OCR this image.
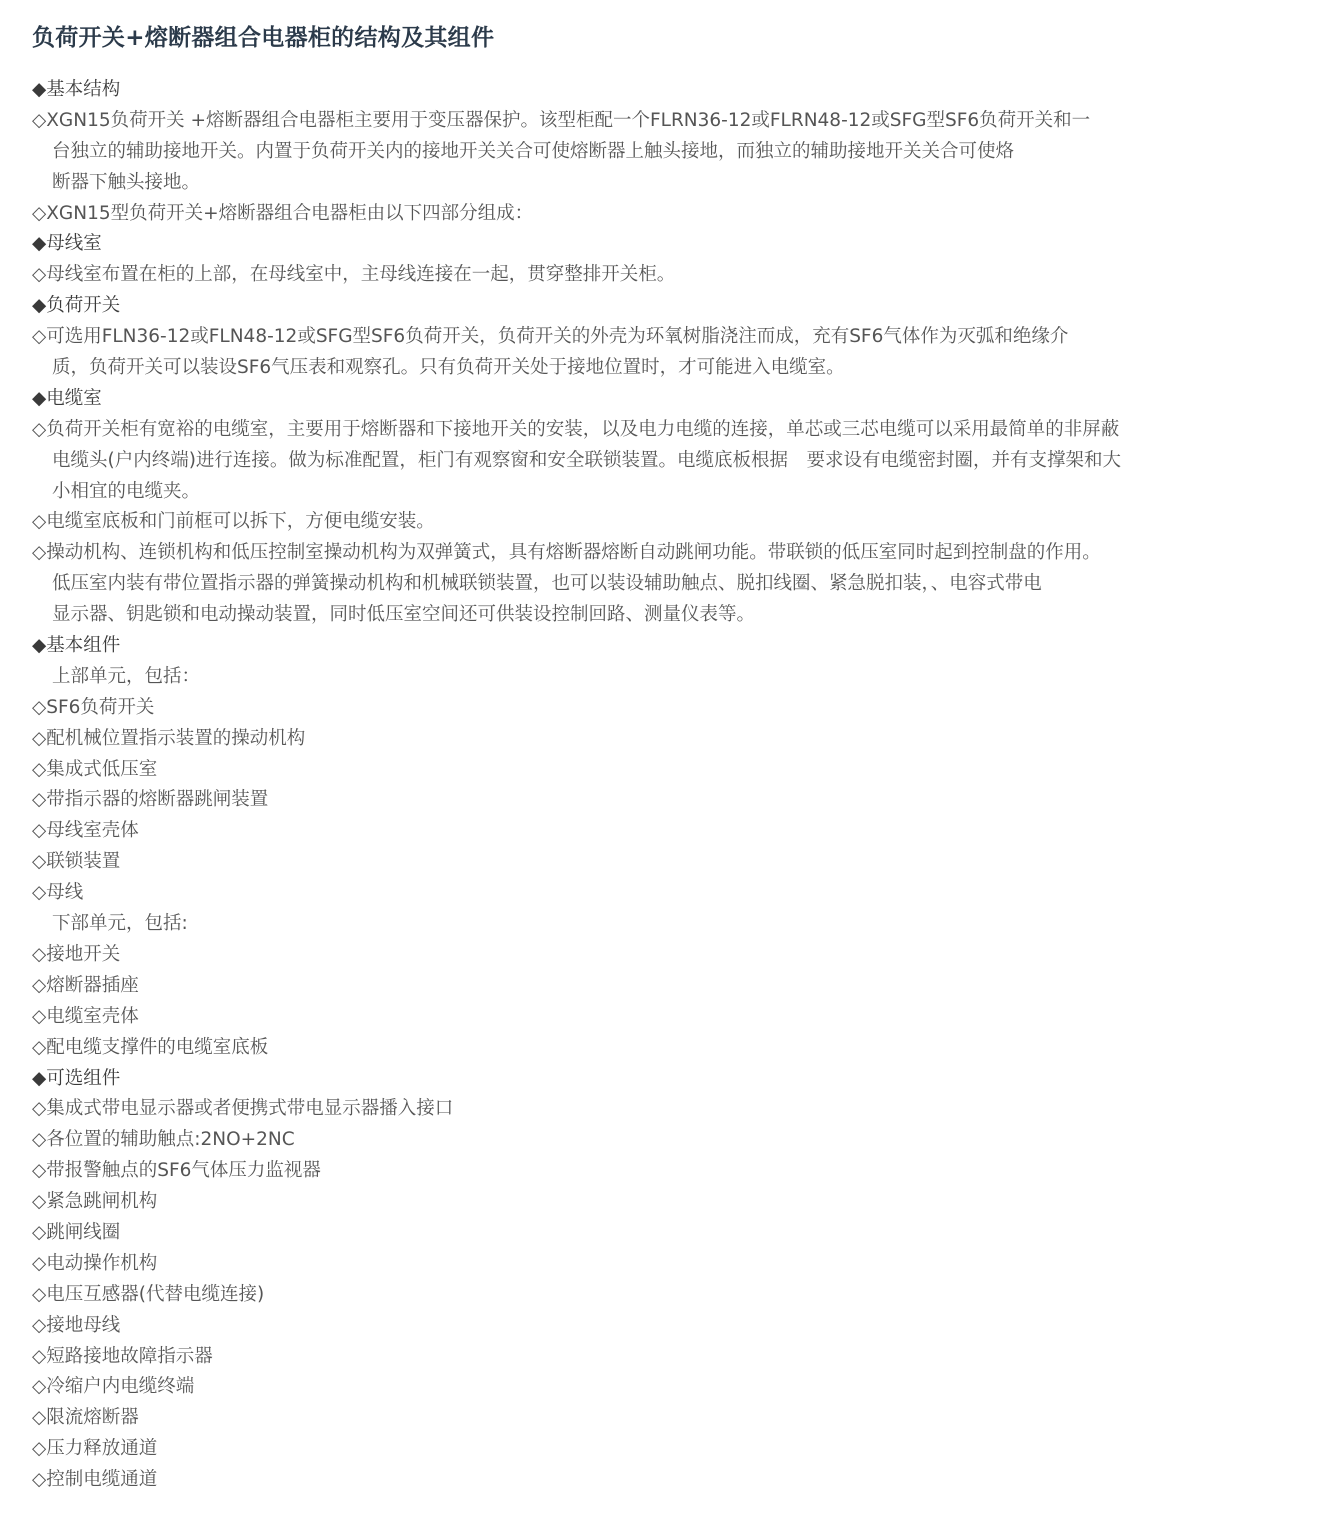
负荷开关+熔断器组合电器柜的结构及其组件
◆基本结构
◇XGN15负荷开关 +熔断器组合电器柜主要用于变压器保护。该型柜配一个FLRN36-12或FLRN48-12或SFG型SF6负荷开关和一
台独立的辅助接地开关。内置于负荷开关内的接地开关关合可使熔断器上触头接地，而独立的辅助接地开关关合可使烙
断器下触头接地。
◇XGN15型负荷开关+熔断器组合电器柜由以下四部分组成：
◆母线室
◇母线室布置在柜的上部，在母线室中，主母线连接在一起，贯穿整排开关柜。
◆负荷开关
◇可选用FLN36-12或FLN48-12或SFG型SF6负荷开关，负荷开关的外壳为环氧树脂浇注而成，充有SF6气体作为灭弧和绝缘介
质，负荷开关可以装设SF6气压表和观察孔。只有负荷开关处于接地位置时，才可能进入电缆室。
◆电缆室
◇负荷开关柜有宽裕的电缆室，主要用于熔断器和下接地开关的安装，以及电力电缆的连接，单芯或三芯电缆可以采用最简单的非屏蔽
电缆头(户内终端)进行连接。做为标准配置，柜门有观察窗和安全联锁装置。电缆底板根据　要求设有电缆密封圈，并有支撑架和大
小相宜的电缆夹。
◇电缆室底板和门前框可以拆下，方便电缆安装。
◇操动机构、连锁机构和低压控制室操动机构为双弹簧式，具有熔断器熔断自动跳闸功能。带联锁的低压室同时起到控制盘的作用。
低压室内装有带位置指示器的弹簧操动机构和机械联锁装置，也可以装设辅助触点、脱扣线圈、紧急脱扣装，、电容式带电
显示器、钥匙锁和电动操动装置，同时低压室空间还可供装设控制回路、测量仪表等。
◆基本组件
上部单元，包括：
◇SF6负荷开关
◇配机械位置指示装置的操动机构
◇集成式低压室
◇带指示器的熔断器跳闸装置
◇母线室壳体
◇联锁装置
◇母线
下部单元，包括:
◇接地开关
◇熔断器插座
◇电缆室壳体
◇配电缆支撑件的电缆室底板
◆可选组件
◇集成式带电显示器或者便携式带电显示器播入接口
◇各位置的辅助触点:2NO+2NC
◇带报警触点的SF6气体压力监视器
◇紧急跳闸机构
◇跳闸线圈
◇电动操作机构
◇电压互感器(代替电缆连接)
◇接地母线
◇短路接地故障指示器
◇冷缩户内电缆终端
◇限流熔断器
◇压力释放通道
◇控制电缆通道
